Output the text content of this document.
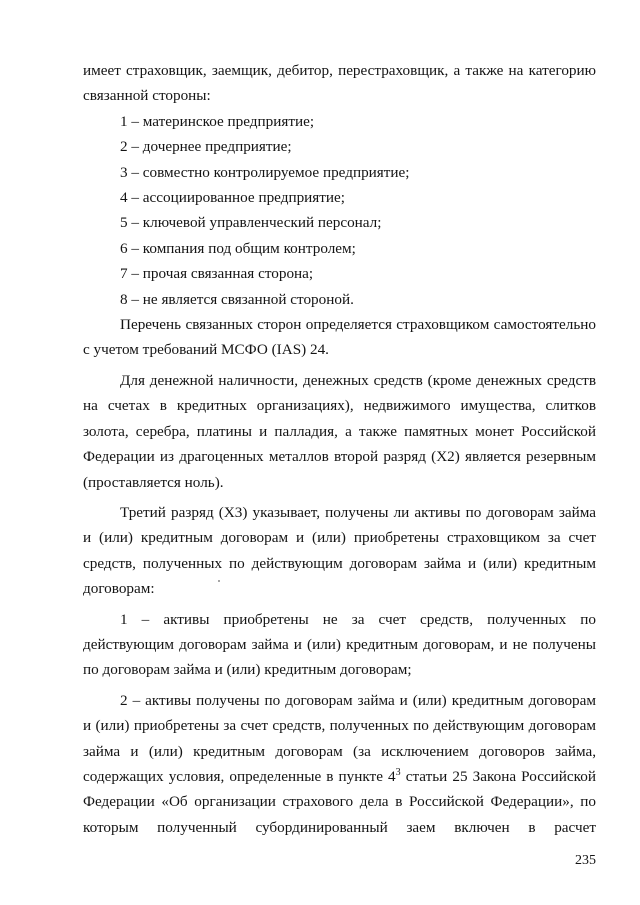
имеет страховщик, заемщик, дебитор, перестраховщик, а также на категорию связанной стороны:

1 – материнское предприятие;

2 – дочернее предприятие;

3 – совместно контролируемое предприятие;

4 – ассоциированное предприятие;

5 – ключевой управленческий персонал;

6 – компания под общим контролем;

7 – прочая связанная сторона;

8 – не является связанной стороной.

Перечень связанных сторон определяется страховщиком самостоятельно с учетом требований МСФО (IAS) 24.

Для денежной наличности, денежных средств (кроме денежных средств на счетах в кредитных организациях), недвижимого имущества, слитков золота, серебра, платины и палладия, а также памятных монет Российской Федерации из драгоценных металлов второй разряд (Х2) является резервным (проставляется ноль).

Третий разряд (Х3) указывает, получены ли активы по договорам займа и (или) кредитным договорам и (или) приобретены страховщиком за счет средств, полученных по действующим договорам займа и (или) кредитным договорам:

1 – активы приобретены не за счет средств, полученных по действующим договорам займа и (или) кредитным договорам, и не получены по договорам займа и (или) кредитным договорам;

2 – активы получены по договорам займа и (или) кредитным договорам и (или) приобретены за счет средств, полученных по действующим договорам займа и (или) кредитным договорам (за исключением договоров займа, содержащих условия, определенные в пункте $4^3$ статьи 25 Закона Российской Федерации «Об организации страхового дела в Российской Федерации», по которым полученный субординированный заем включен в расчет

235
